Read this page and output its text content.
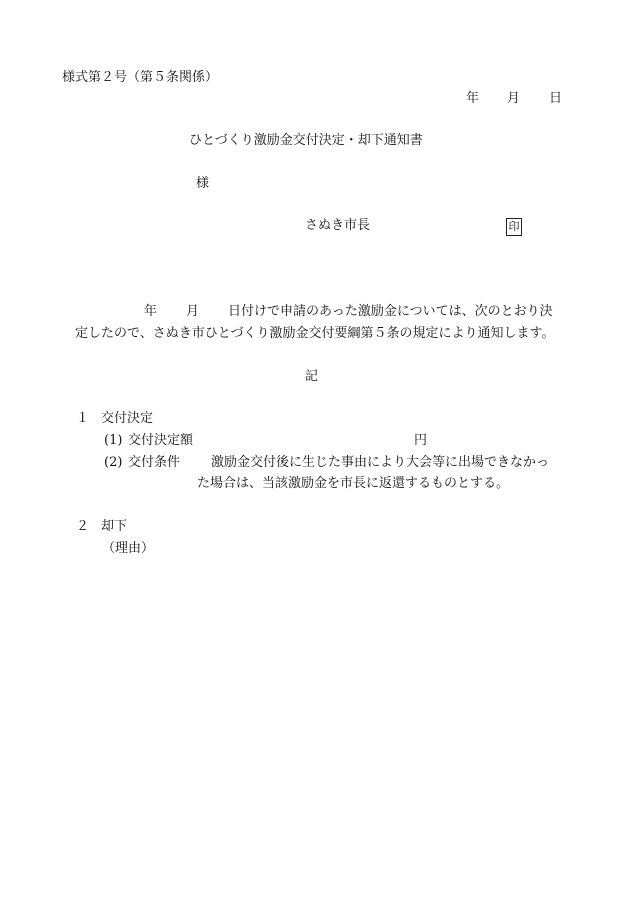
様式第２号（第５条関係）
年 月 日
ひとづくり激励金交付決定・却下通知書
様
さぬき市長	印
年 月 日付けで申請のあった激励金については、次のとおり決
定したので、さぬき市ひとづくり激励金交付要綱第５条の規定により通知します。
記
１ 交付決定
(1) 交付決定額	円
(2) 交付条件 激励金交付後に生じた事由により大会等に出場できなかっ
た場合は、当該激励金を市長に返還するものとする。
２ 却下
（理由）
